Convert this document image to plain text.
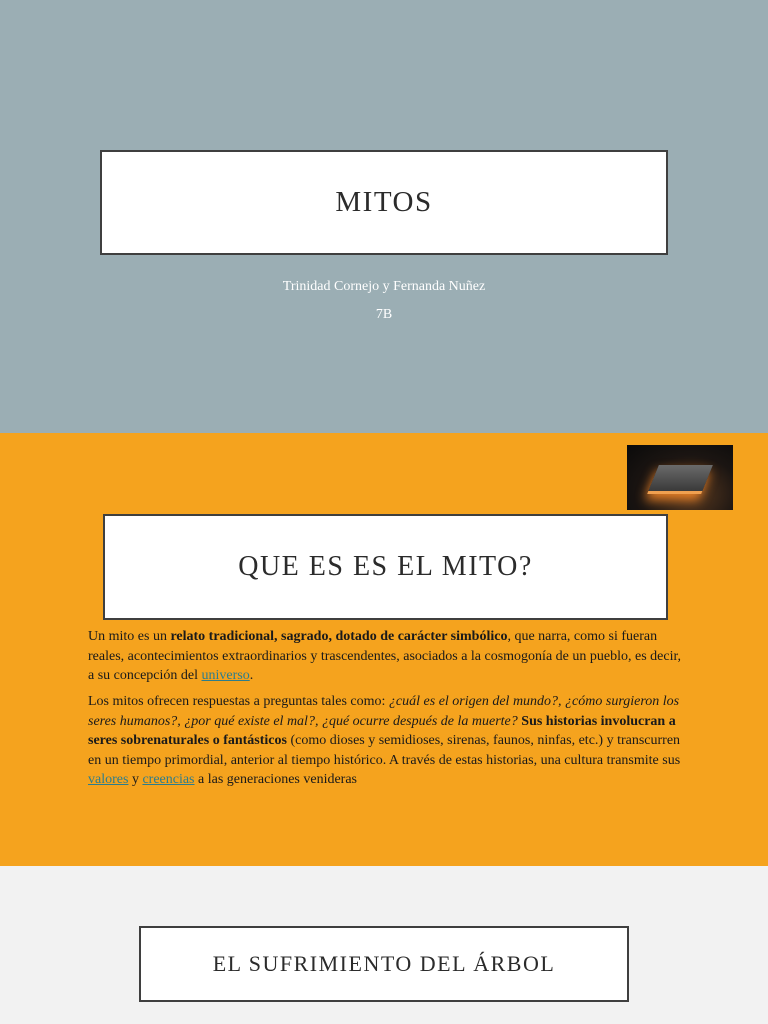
MITOS
Trinidad Cornejo y Fernanda Nuñez
7B
QUE ES ES EL MITO?

Un mito es un relato tradicional, sagrado, dotado de carácter simbólico, que narra, como si fueran reales, acontecimientos extraordinarios y trascendentes, asociados a la cosmogonía de un pueblo, es decir, a su concepción del universo.

Los mitos ofrecen respuestas a preguntas tales como: ¿cuál es el origen del mundo?, ¿cómo surgieron los seres humanos?, ¿por qué existe el mal?, ¿qué ocurre después de la muerte? Sus historias involucran a seres sobrenaturales o fantásticos (como dioses y semidioses, sirenas, faunos, ninfas, etc.) y transcurren en un tiempo primordial, anterior al tiempo histórico. A través de estas historias, una cultura transmite sus valores y creencias a las generaciones venideras

EL SUFRIMIENTO DEL ÁRBOL
